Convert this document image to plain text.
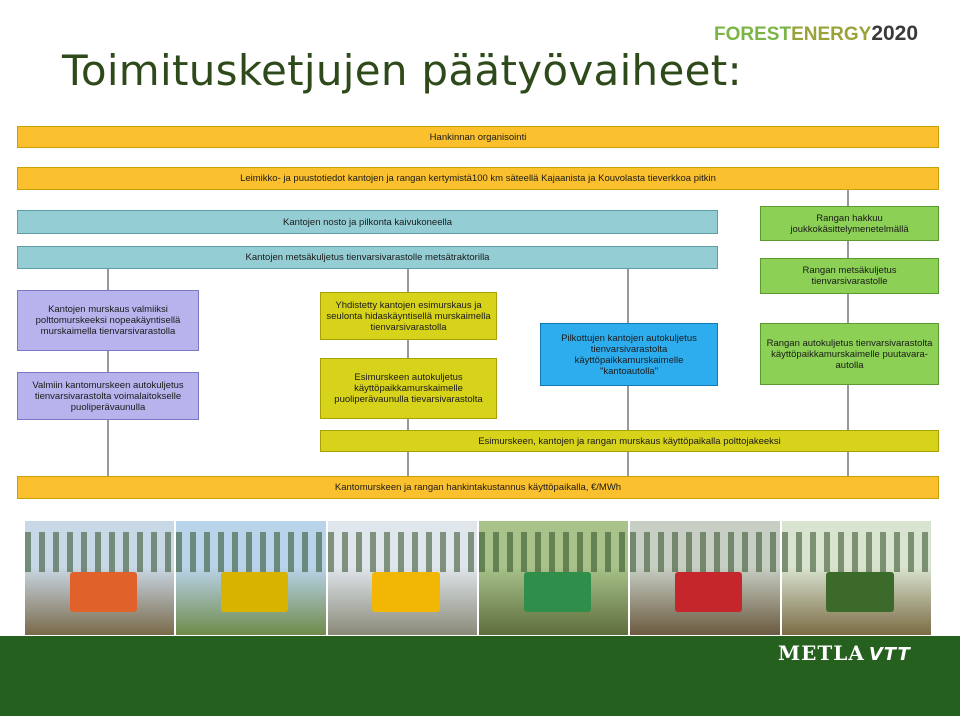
Toimitusketjujen päätyövaiheet:
FORESTENERGY2020
Hankinnan organisointi
Leimikko- ja puustotiedot kantojen ja rangan kertymistä100 km säteellä Kajaanista ja Kouvolasta tieverkkoa pitkin
Kantojen nosto ja pilkonta kaivukoneella
Kantojen metsäkuljetus tienvarsivarastolle metsätraktorilla
Rangan hakkuu joukkokäsittelymenetelmällä
Rangan metsäkuljetus tienvarsivarastolle
Kantojen murskaus valmiiksi polttomurskeeksi nopeakäyntisellä murskaimella tienvarsivarastolla
Valmiin kantomurskeen autokuljetus tienvarsivarastolta voimalaitokselle puoliperävaunulla
Yhdistetty kantojen esimurskaus ja seulonta hidaskäyntisellä murskaimella tienvarsivarastolla
Esimurskeen autokuljetus käyttöpaikkamurskaimelle puoliperävaunulla tievarsivarastolta
Pilkottujen kantojen autokuljetus tienvarsivarastolta käyttöpaikkamurskaimelle "kantoautolla"
Rangan autokuljetus tienvarsivarastolta käyttöpaikkamurskaimelle puutavara-autolla
Esimurskeen, kantojen ja rangan murskaus käyttöpaikalla polttojakeeksi
Kantomurskeen ja rangan hankintakustannus käyttöpaikalla, €/MWh
METLA VTT
